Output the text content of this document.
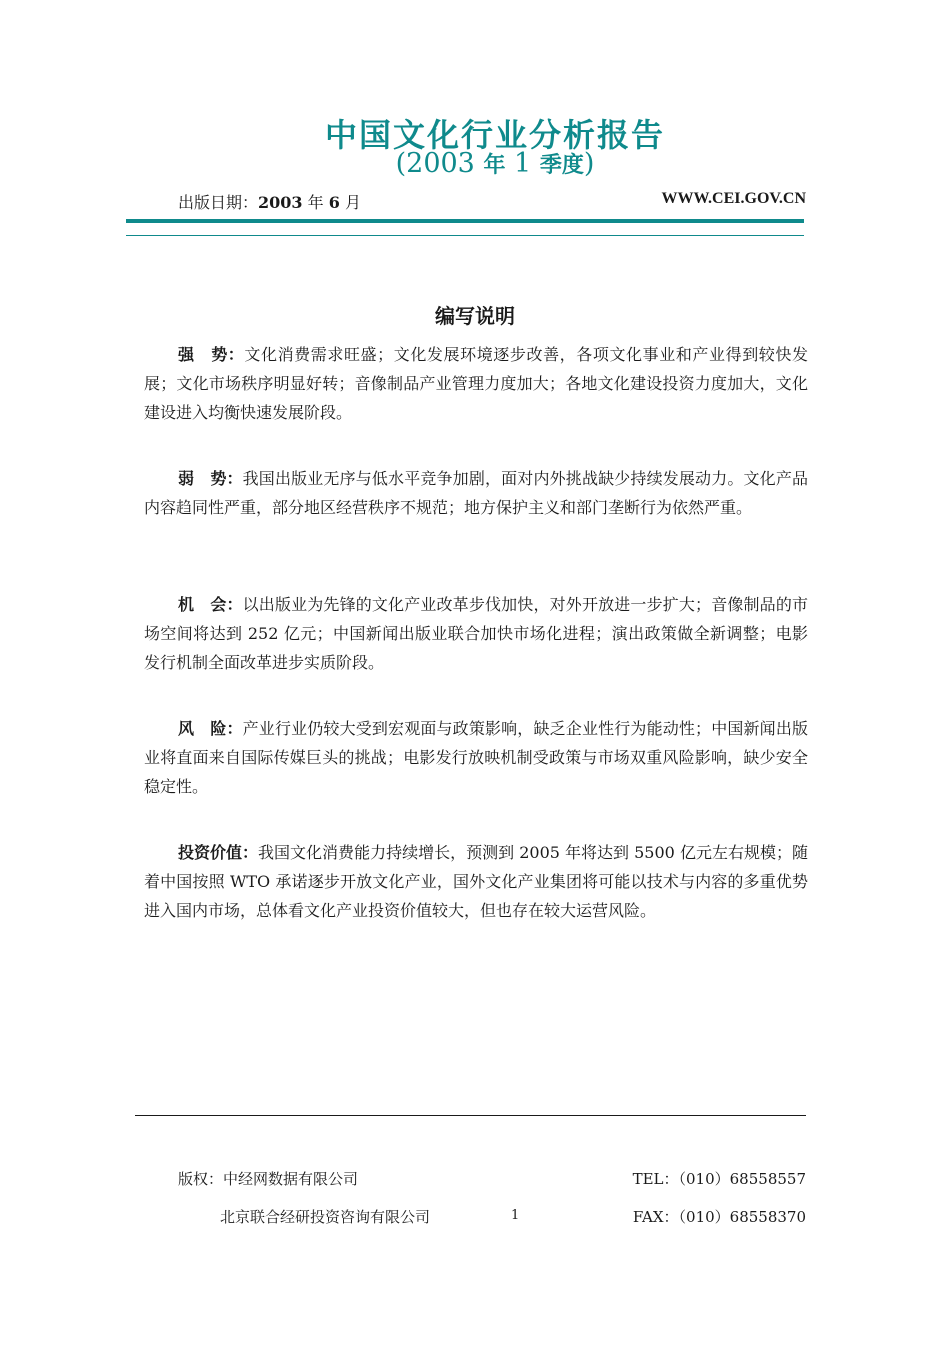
中国文化行业分析报告

(2003 年 1 季度)

出版日期：2003 年 6 月	WWW.CEI.GOV.CN
编写说明

强　势：文化消费需求旺盛；文化发展环境逐步改善，各项文化事业和产业得到较快发展；文化市场秩序明显好转；音像制品产业管理力度加大；各地文化建设投资力度加大，文化建设进入均衡快速发展阶段。

弱　势：我国出版业无序与低水平竞争加剧，面对内外挑战缺少持续发展动力。文化产品内容趋同性严重，部分地区经营秩序不规范；地方保护主义和部门垄断行为依然严重。

机　会：以出版业为先锋的文化产业改革步伐加快，对外开放进一步扩大；音像制品的市场空间将达到 252 亿元；中国新闻出版业联合加快市场化进程；演出政策做全新调整；电影发行机制全面改革进步实质阶段。

风　险：产业行业仍较大受到宏观面与政策影响，缺乏企业性行为能动性；中国新闻出版业将直面来自国际传媒巨头的挑战；电影发行放映机制受政策与市场双重风险影响，缺少安全稳定性。

投资价值：我国文化消费能力持续增长，预测到 2005 年将达到 5500 亿元左右规模；随着中国按照 WTO 承诺逐步开放文化产业，国外文化产业集团将可能以技术与内容的多重优势进入国内市场，总体看文化产业投资价值较大，但也存在较大运营风险。

版权：中经网数据有限公司	TEL：（010）68558557
北京联合经研投资咨询有限公司	1	FAX：（010）68558370
